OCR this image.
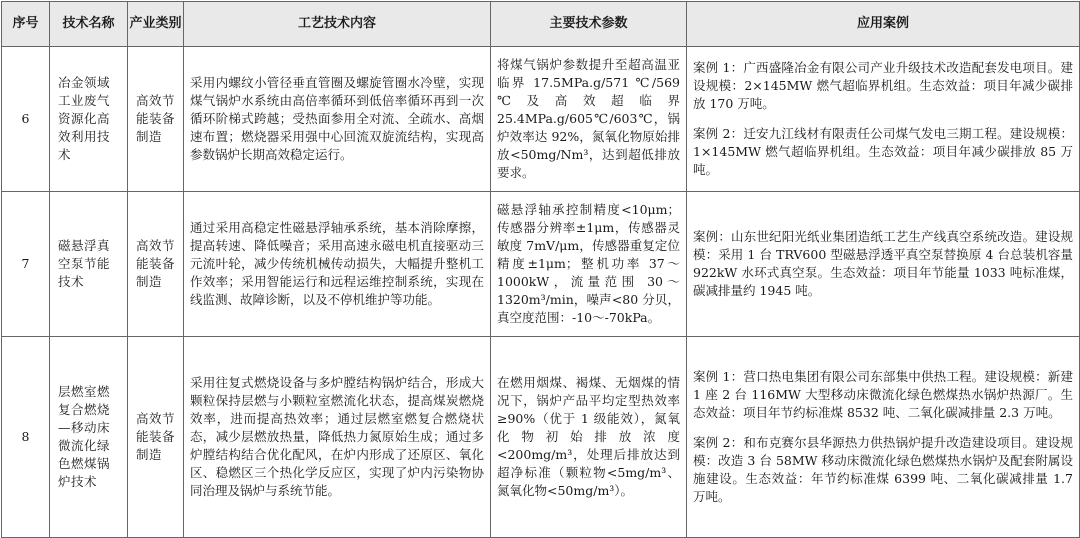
序号	技术名称	产业类别	工艺技术内容	主要技术参数	应用案例
6	冶金领域工业废气资源化高效利用技术	高效节能装备制造	采用内螺纹小管径垂直管圈及螺旋管圈水冷壁，实现煤气锅炉水系统由高倍率循环到低倍率循环再到一次循环阶梯式跨越；受热面参用全对流、全疏水、高烟速布置；燃烧器采用强中心回流双旋流结构，实现高参数锅炉长期高效稳定运行。	将煤气锅炉参数提升至超高温亚临界 17.5MPa.g/571 ℃/569 ℃及高效超临界 25.4MPa.g/605℃/603℃，锅炉效率达 92%，氮氧化物原始排放<50mg/Nm³，达到超低排放要求。	案例 1：广西盛隆冶金有限公司产业升级技术改造配套发电项目。建设规模：2×145MW 燃气超临界机组。生态效益：项目年减少碳排放 170 万吨。

案例 2：迁安九江线材有限责任公司煤气发电三期工程。建设规模：1×145MW 燃气超临界机组。生态效益：项目年减少碳排放 85 万吨。

7	磁悬浮真空泵节能技术	高效节能装备制造	通过采用高稳定性磁悬浮轴承系统，基本消除摩擦，提高转速、降低噪音；采用高速永磁电机直接驱动三元流叶轮，减少传统机械传动损失，大幅提升整机工作效率；采用智能运行和远程运维控制系统，实现在线监测、故障诊断，以及不停机维护等功能。	磁悬浮轴承控制精度<10μm；传感器分辨率±1μm，传感器灵敏度 7mV/μm，传感器重复定位精度±1μm；整机功率 37～1000kW，流量范围 30～1320m³/min，噪声<80 分贝，真空度范围：-10～-70kPa。	案例：山东世纪阳光纸业集团造纸工艺生产线真空系统改造。建设规模：采用 1 台 TRV600 型磁悬浮透平真空泵替换原 4 台总装机容量 922kW 水环式真空泵。生态效益：项目年节能量 1033 吨标准煤，碳减排量约 1945 吨。

8	层燃室燃复合燃烧—移动床微流化绿色燃煤锅炉技术	高效节能装备制造	采用往复式燃烧设备与多炉膛结构锅炉结合，形成大颗粒保持层燃与小颗粒室燃流化状态，提高煤炭燃烧效率，进而提高热效率；通过层燃室燃复合燃烧状态，减少层燃放热量，降低热力氮原始生成；通过多炉膛结构结合优化配风，在炉内形成了还原区、氧化区、稳燃区三个热化学反应区，实现了炉内污染物协同治理及锅炉与系统节能。	在燃用烟煤、褐煤、无烟煤的情况下，锅炉产品平均定型热效率≥90%（优于 1 级能效），氮氧化物初始排放浓度<200mg/m³，处理后排放达到超净标准（颗粒物<5mg/m³、氮氧化物<50mg/m³）。	案例 1：营口热电集团有限公司东部集中供热工程。建设规模：新建 1 座 2 台 116MW 大型移动床微流化绿色燃煤热水锅炉热源厂。生态效益：项目年节约标准煤 8532 吨、二氧化碳减排量 2.3 万吨。

案例 2：和布克赛尔县华源热力供热锅炉提升改造建设项目。建设规模：改造 3 台 58MW 移动床微流化绿色燃煤热水锅炉及配套附属设施建设。生态效益：年节约标准煤 6399 吨、二氧化碳减排量 1.7 万吨。
